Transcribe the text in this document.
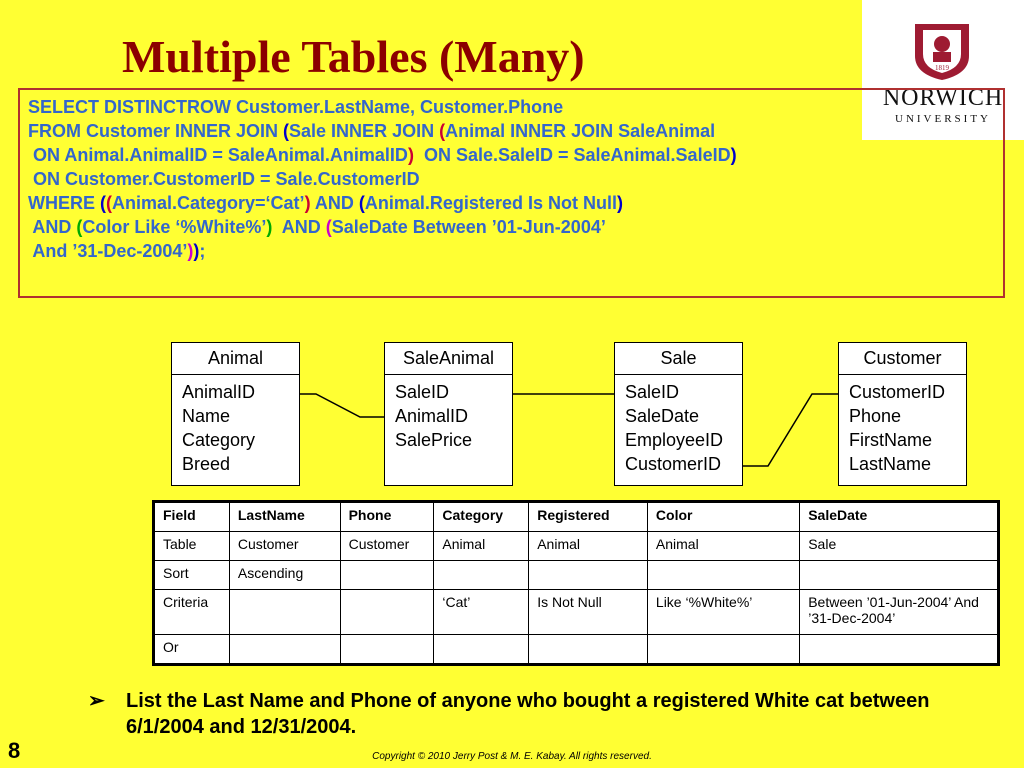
Multiple Tables (Many)	1819
NORWICH
UNIVERSITY
SELECT DISTINCTROW Customer.LastName, Customer.Phone
FROM Customer INNER JOIN (Sale INNER JOIN (Animal INNER JOIN SaleAnimal
ON Animal.AnimalID = SaleAnimal.AnimalID)  ON Sale.SaleID = SaleAnimal.SaleID)
ON Customer.CustomerID = Sale.CustomerID
WHERE ((Animal.Category=‘Cat’) AND (Animal.Registered Is Not Null)
AND (Color Like ‘%White%’)  AND (SaleDate Between ’01-Jun-2004’
And ’31-Dec-2004’));
Animal
AnimalID
Name
Category
Breed
SaleAnimal
SaleID
AnimalID
SalePrice
Sale
SaleID
SaleDate
EmployeeID
CustomerID
Customer
CustomerID
Phone
FirstName
LastName
Field	LastName	Phone	Category	Registered	Color	SaleDate
Table	Customer	Customer	Animal	Animal	Animal	Sale
Sort	Ascending					
Criteria			‘Cat’	Is Not Null	Like ‘%White%’	Between ’01-Jun-2004’ And ’31-Dec-2004’
Or						
➢ List the Last Name and Phone of anyone who bought a registered White cat between 6/1/2004 and 12/31/2004.
8	Copyright © 2010 Jerry Post & M. E. Kabay. All rights reserved.
